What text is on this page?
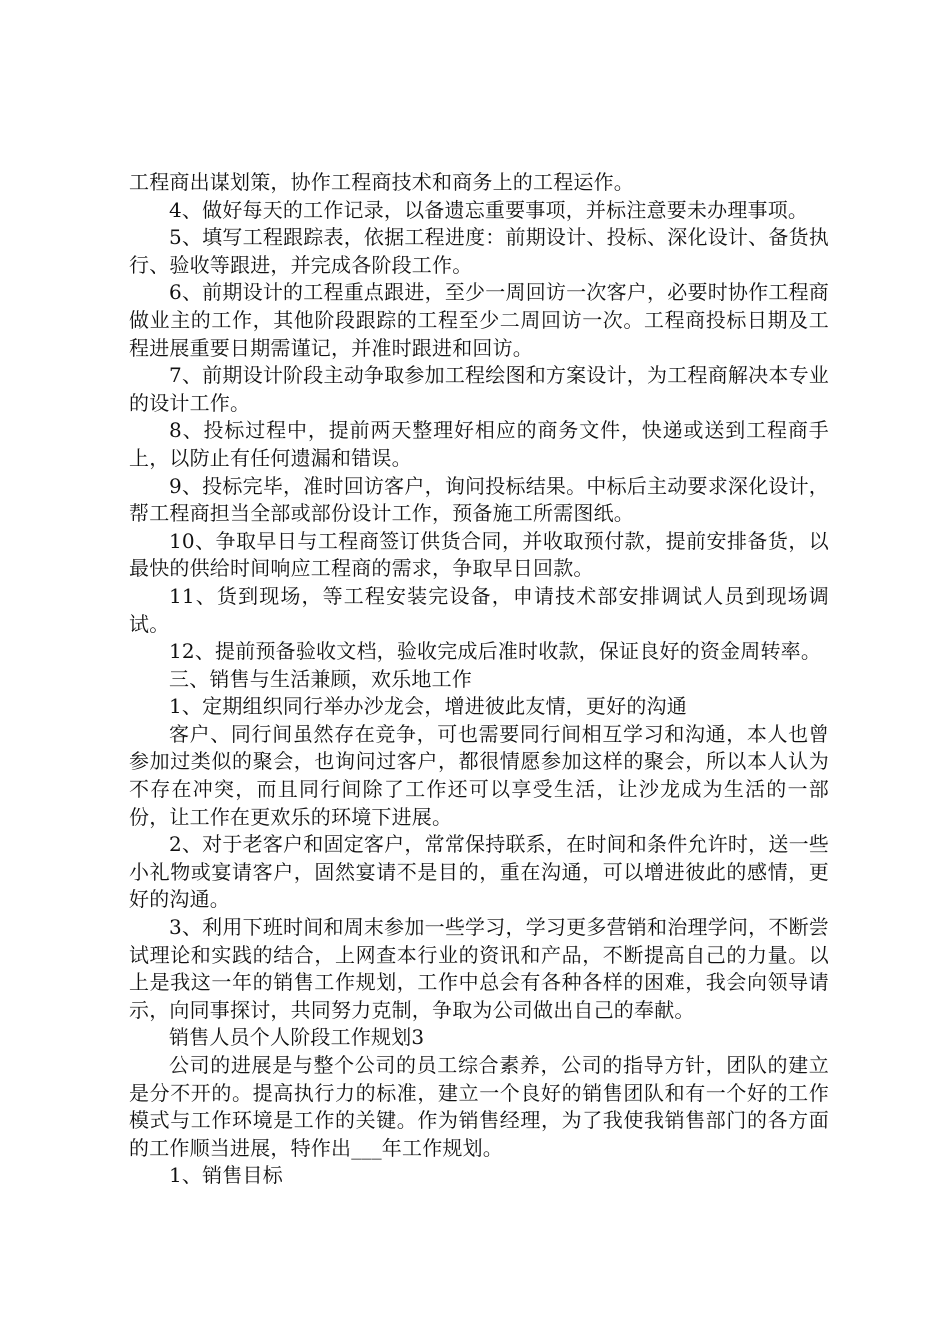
工程商出谋划策，协作工程商技术和商务上的工程运作。

4、做好每天的工作记录，以备遗忘重要事项，并标注意要未办理事项。

5、填写工程跟踪表，依据工程进度：前期设计、投标、深化设计、备货执行、验收等跟进，并完成各阶段工作。

6、前期设计的工程重点跟进，至少一周回访一次客户，必要时协作工程商做业主的工作，其他阶段跟踪的工程至少二周回访一次。工程商投标日期及工程进展重要日期需谨记，并准时跟进和回访。

7、前期设计阶段主动争取参加工程绘图和方案设计，为工程商解决本专业的设计工作。

8、投标过程中，提前两天整理好相应的商务文件，快递或送到工程商手上，以防止有任何遗漏和错误。

9、投标完毕，准时回访客户，询问投标结果。中标后主动要求深化设计，帮工程商担当全部或部份设计工作，预备施工所需图纸。

10、争取早日与工程商签订供货合同，并收取预付款，提前安排备货，以最快的供给时间响应工程商的需求，争取早日回款。

11、货到现场，等工程安装完设备，申请技术部安排调试人员到现场调试。

12、提前预备验收文档，验收完成后准时收款，保证良好的资金周转率。

三、销售与生活兼顾，欢乐地工作

1、定期组织同行举办沙龙会，增进彼此友情，更好的沟通

客户、同行间虽然存在竞争，可也需要同行间相互学习和沟通，本人也曾参加过类似的聚会，也询问过客户，都很情愿参加这样的聚会，所以本人认为不存在冲突，而且同行间除了工作还可以享受生活，让沙龙成为生活的一部份，让工作在更欢乐的环境下进展。

2、对于老客户和固定客户，常常保持联系，在时间和条件允许时，送一些小礼物或宴请客户，固然宴请不是目的，重在沟通，可以增进彼此的感情，更好的沟通。

3、利用下班时间和周末参加一些学习，学习更多营销和治理学问，不断尝试理论和实践的结合，上网查本行业的资讯和产品，不断提高自己的力量。以上是我这一年的销售工作规划，工作中总会有各种各样的困难，我会向领导请示，向同事探讨，共同努力克制，争取为公司做出自己的奉献。

销售人员个人阶段工作规划3

公司的进展是与整个公司的员工综合素养，公司的指导方针，团队的建立是分不开的。提高执行力的标准，建立一个良好的销售团队和有一个好的工作模式与工作环境是工作的关键。作为销售经理，为了我使我销售部门的各方面的工作顺当进展，特作出___年工作规划。

1、销售目标
